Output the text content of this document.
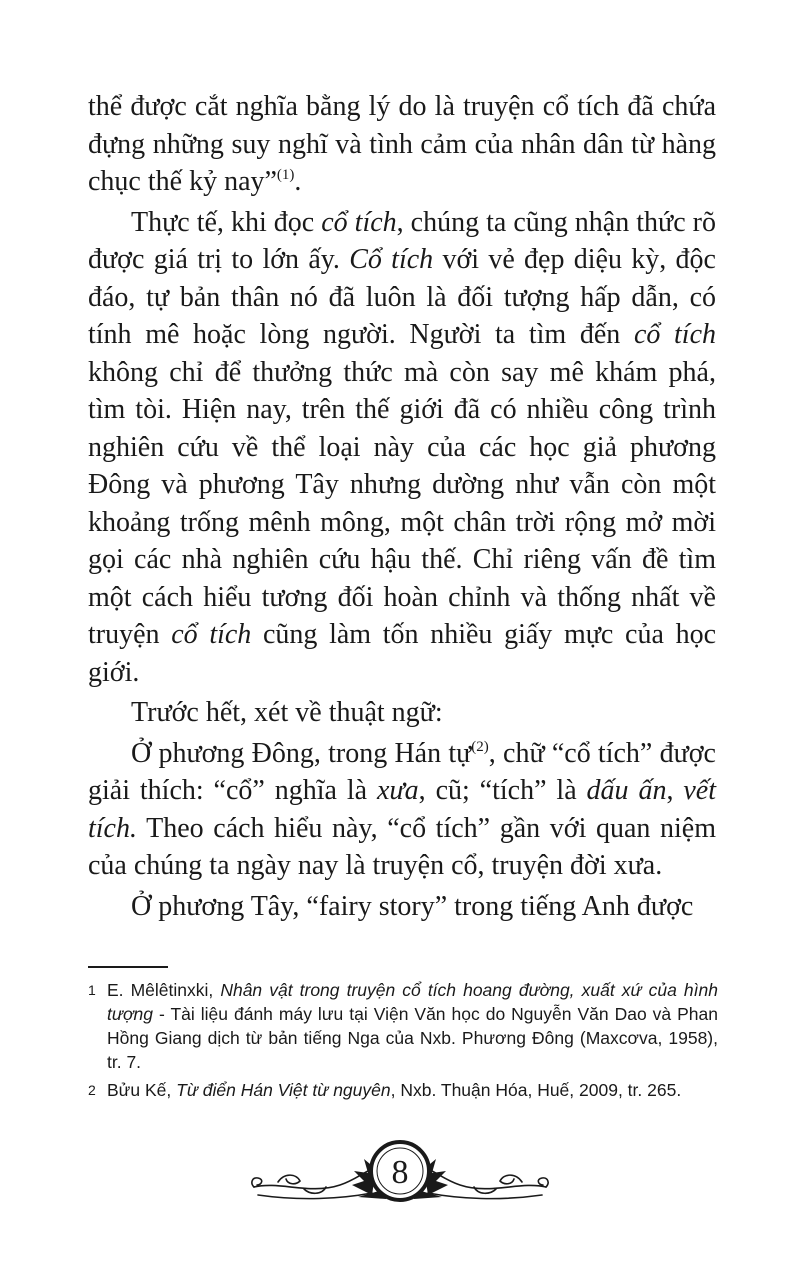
thể được cắt nghĩa bằng lý do là truyện cổ tích đã chứa đựng những suy nghĩ và tình cảm của nhân dân từ hàng chục thế kỷ nay”$^{(1)}$.

Thực tế, khi đọc cổ tích, chúng ta cũng nhận thức rõ được giá trị to lớn ấy. Cổ tích với vẻ đẹp diệu kỳ, độc đáo, tự bản thân nó đã luôn là đối tượng hấp dẫn, có tính mê hoặc lòng người. Người ta tìm đến cổ tích không chỉ để thưởng thức mà còn say mê khám phá, tìm tòi. Hiện nay, trên thế giới đã có nhiều công trình nghiên cứu về thể loại này của các học giả phương Đông và phương Tây nhưng dường như vẫn còn một khoảng trống mênh mông, một chân trời rộng mở mời gọi các nhà nghiên cứu hậu thế. Chỉ riêng vấn đề tìm một cách hiểu tương đối hoàn chỉnh và thống nhất về truyện cổ tích cũng làm tốn nhiều giấy mực của học giới.

Trước hết, xét về thuật ngữ:

Ở phương Đông, trong Hán tự$^{(2)}$, chữ “cổ tích” được giải thích: “cổ” nghĩa là xưa, cũ; “tích” là dấu ấn, vết tích. Theo cách hiểu này, “cổ tích” gần với quan niệm của chúng ta ngày nay là truyện cổ, truyện đời xưa.

Ở phương Tây, “fairy story” trong tiếng Anh được

1 E. Mêlêtinxki, Nhân vật trong truyện cổ tích hoang đường, xuất xứ của hình tượng - Tài liệu đánh máy lưu tại Viện Văn học do Nguyễn Văn Dao và Phan Hồng Giang dịch từ bản tiếng Nga của Nxb. Phương Đông (Maxcơva, 1958), tr. 7.
2 Bửu Kế, Từ điển Hán Việt từ nguyên, Nxb. Thuận Hóa, Huế, 2009, tr. 265.
8
